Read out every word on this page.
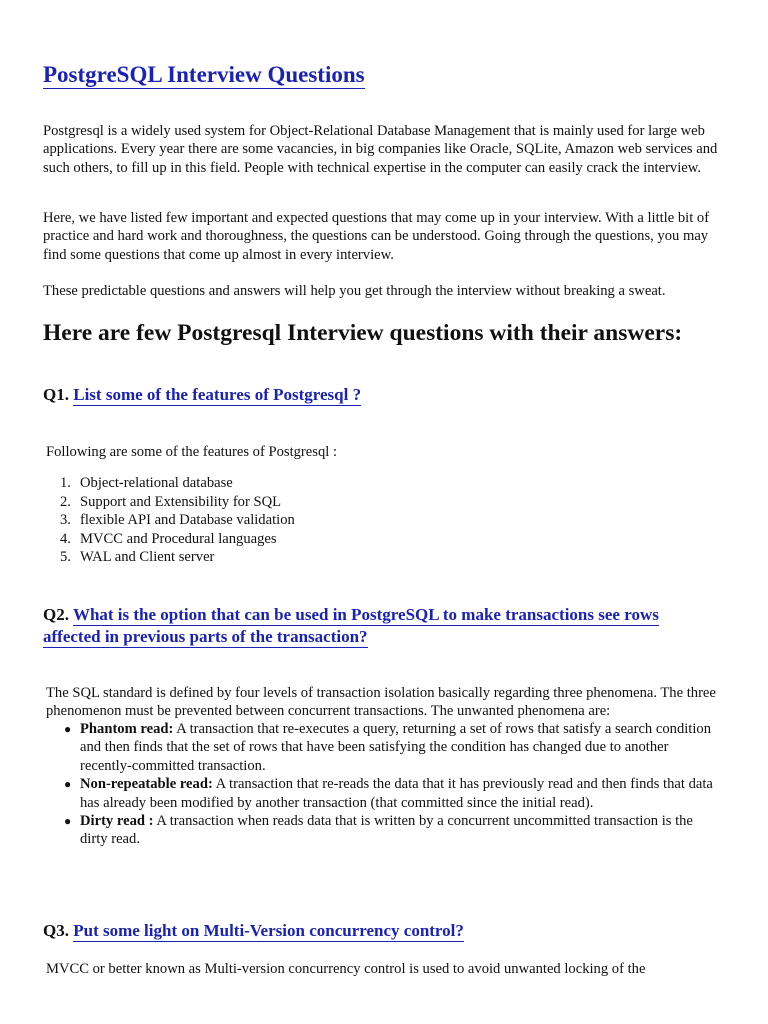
PostgreSQL Interview Questions

Postgresql is a widely used system for Object-Relational Database Management that is mainly used for large web applications. Every year there are some vacancies, in big companies like Oracle, SQLite, Amazon web services and such others, to fill up in this field. People with technical expertise in the computer can easily crack the interview.

Here, we have listed few important and expected questions that may come up in your interview. With a little bit of practice and hard work and thoroughness, the questions can be understood. Going through the questions, you may find some questions that come up almost in every interview.

These predictable questions and answers will help you get through the interview without breaking a sweat.

Here are few Postgresql Interview questions with their answers:
Q1. List some of the features of Postgresql ?

Following are some of the features of Postgresql :

1. Object-relational database
2. Support and Extensibility for SQL
3. flexible API and Database validation
4. MVCC and Procedural languages
5. WAL and Client server
Q2. What is the option that can be used in PostgreSQL to make transactions see rows affected in previous parts of the transaction?

The SQL standard is defined by four levels of transaction isolation basically regarding three phenomena. The three phenomenon must be prevented between concurrent transactions. The unwanted phenomena are:

● Phantom read: A transaction that re-executes a query, returning a set of rows that satisfy a search condition and then finds that the set of rows that have been satisfying the condition has changed due to another recently-committed transaction.
● Non-repeatable read: A transaction that re-reads the data that it has previously read and then finds that data has already been modified by another transaction (that committed since the initial read).
● Dirty read : A transaction when reads data that is written by a concurrent uncommitted transaction is the dirty read.
Q3. Put some light on Multi-Version concurrency control?

MVCC or better known as Multi-version concurrency control is used to avoid unwanted locking of the
